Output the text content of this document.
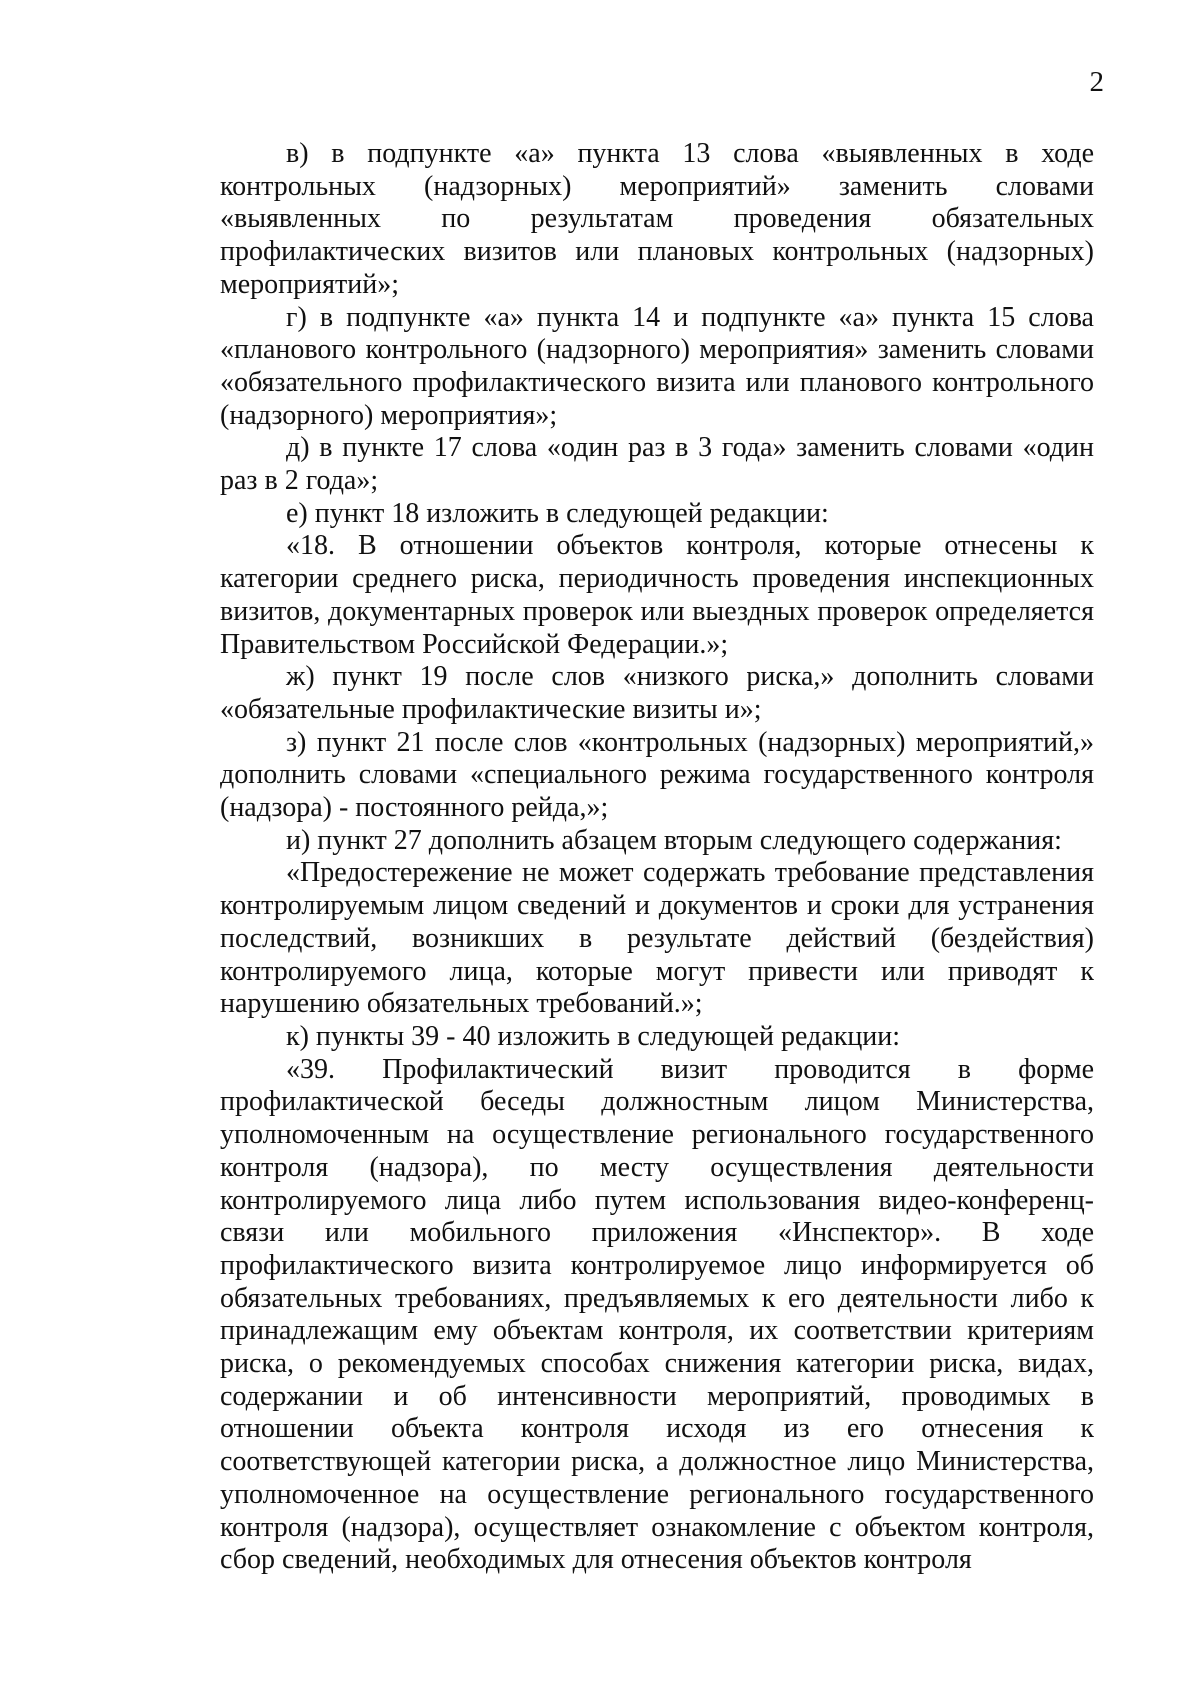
2

в) в подпункте «а» пункта 13 слова «выявленных в ходе контрольных (надзорных) мероприятий» заменить словами «выявленных по результатам проведения обязательных профилактических визитов или плановых контрольных (надзорных) мероприятий»;

г) в подпункте «а» пункта 14 и подпункте «а» пункта 15 слова «планового контрольного (надзорного) мероприятия» заменить словами «обязательного профилактического визита или планового контрольного (надзорного) мероприятия»;

д) в пункте 17 слова «один раз в 3 года» заменить словами «один раз в 2 года»;

е) пункт 18 изложить в следующей редакции:

«18. В отношении объектов контроля, которые отнесены к категории среднего риска, периодичность проведения инспекционных визитов, документарных проверок или выездных проверок определяется Правительством Российской Федерации.»;

ж) пункт 19 после слов «низкого риска,» дополнить словами «обязательные профилактические визиты и»;

з) пункт 21 после слов «контрольных (надзорных) мероприятий,» дополнить словами «специального режима государственного контроля (надзора) - постоянного рейда,»;

и) пункт 27 дополнить абзацем вторым следующего содержания:

«Предостережение не может содержать требование представления контролируемым лицом сведений и документов и сроки для устранения последствий, возникших в результате действий (бездействия) контролируемого лица, которые могут привести или приводят к нарушению обязательных требований.»;

к) пункты 39 - 40 изложить в следующей редакции:

«39. Профилактический визит проводится в форме профилактической беседы должностным лицом Министерства, уполномоченным на осуществление регионального государственного контроля (надзора), по месту осуществления деятельности контролируемого лица либо путем использования видео-конференц-связи или мобильного приложения «Инспектор». В ходе профилактического визита контролируемое лицо информируется об обязательных требованиях, предъявляемых к его деятельности либо к принадлежащим ему объектам контроля, их соответствии критериям риска, о рекомендуемых способах снижения категории риска, видах, содержании и об интенсивности мероприятий, проводимых в отношении объекта контроля исходя из его отнесения к соответствующей категории риска, а должностное лицо Министерства, уполномоченное на осуществление регионального государственного контроля (надзора), осуществляет ознакомление с объектом контроля, сбор сведений, необходимых для отнесения объектов контроля
